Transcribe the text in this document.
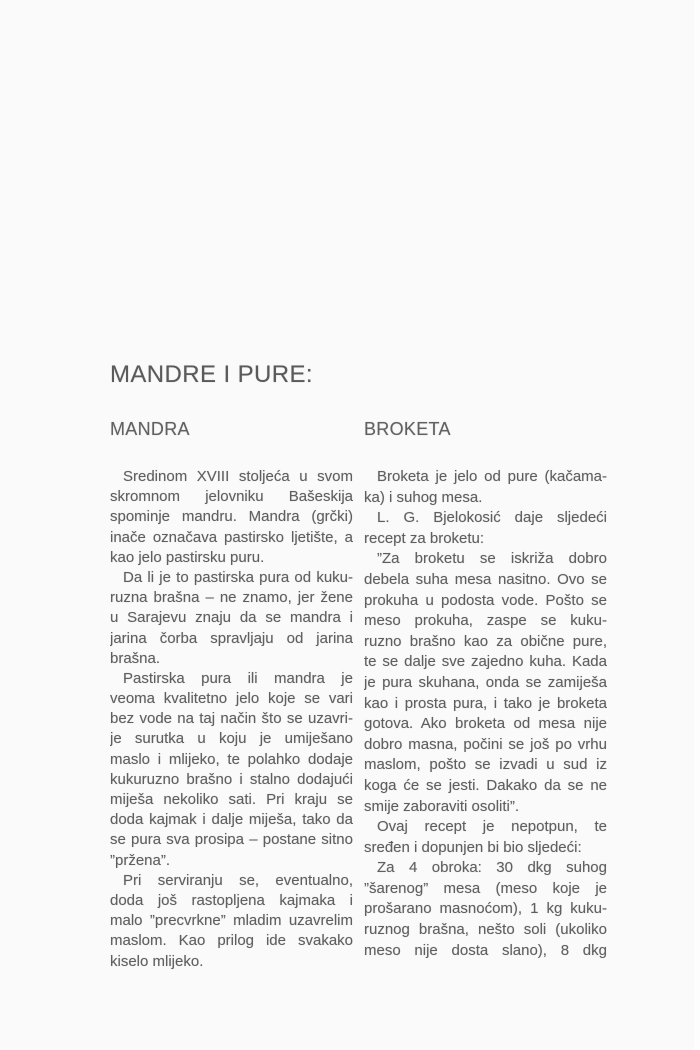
MANDRE I PURE:
MANDRA	BROKETA
Sredinom XVIII stoljeća u svom
skromnom jelovniku Bašeskija
spominje mandru. Mandra (grčki)
inače označava pastirsko ljetište, a
kao jelo pastirsku puru.
Da li je to pastirska pura od kuku-
ruzna brašna – ne znamo, jer žene
u Sarajevu znaju da se mandra i
jarina čorba spravljaju od jarina
brašna.
Pastirska pura ili mandra je
veoma kvalitetno jelo koje se vari
bez vode na taj način što se uzavri-
je surutka u koju je umiješano
maslo i mlijeko, te polahko dodaje
kukuruzno brašno i stalno dodajući
miješa nekoliko sati. Pri kraju se
doda kajmak i dalje miješa, tako da
se pura sva prosipa – postane sitno
”pržena”.
Pri serviranju se, eventualno,
doda još rastopljena kajmaka i
malo ”precvrkne” mladim uzavrelim
maslom. Kao prilog ide svakako
kiselo mlijeko.
Broketa je jelo od pure (kačama-
ka) i suhog mesa.
L. G. Bjelokosić daje sljedeći
recept za broketu:
”Za broketu se iskriža dobro
debela suha mesa nasitno. Ovo se
prokuha u podosta vode. Pošto se
meso prokuha, zaspe se kuku-
ruzno brašno kao za obične pure,
te se dalje sve zajedno kuha. Kada
je pura skuhana, onda se zamiješa
kao i prosta pura, i tako je broketa
gotova. Ako broketa od mesa nije
dobro masna, počini se još po vrhu
maslom, pošto se izvadi u sud iz
koga će se jesti. Dakako da se ne
smije zaboraviti osoliti”.
Ovaj recept je nepotpun, te
sređen i dopunjen bi bio sljedeći:
Za 4 obroka: 30 dkg suhog
”šarenog” mesa (meso koje je
prošarano masnoćom), 1 kg kuku-
ruznog brašna, nešto soli (ukoliko
meso nije dosta slano), 8 dkg
